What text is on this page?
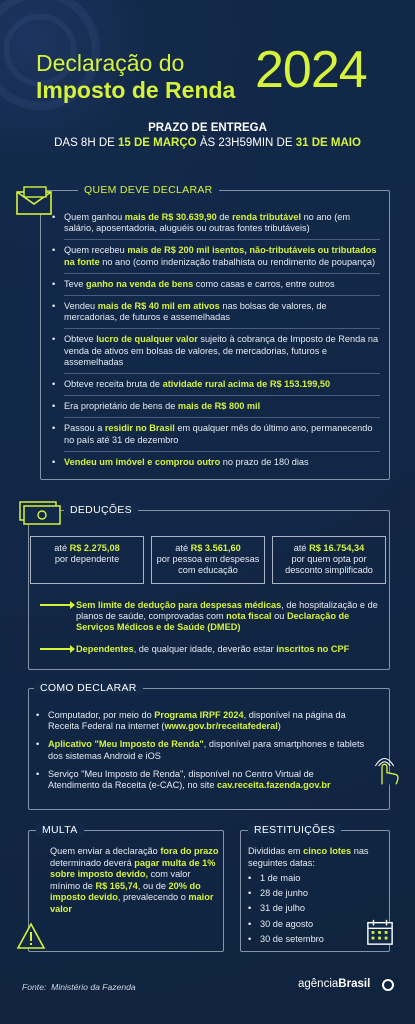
Declaração do
Imposto de Renda 2024
PRAZO DE ENTREGA
DAS 8H DE 15 DE MARÇO ÀS 23H59MIN DE 31 DE MAIO
QUEM DEVE DECLARAR
• Quem ganhou mais de R$ 30.639,90 de renda tributável no ano (em salário, aposentadoria, aluguéis ou outras fontes tributáveis)
• Quem recebeu mais de R$ 200 mil isentos, não-tributáveis ou tributados na fonte no ano (como indenização trabalhista ou rendimento de poupança)
• Teve ganho na venda de bens como casas e carros, entre outros
• Vendeu mais de R$ 40 mil em ativos nas bolsas de valores, de mercadorias, de futuros e assemelhadas
• Obteve lucro de qualquer valor sujeito à cobrança de Imposto de Renda na venda de ativos em bolsas de valores, de mercadorias, futuros e assemelhadas
• Obteve receita bruta de atividade rural acima de R$ 153.199,50
• Era proprietário de bens de mais de R$ 800 mil
• Passou a residir no Brasil em qualquer mês do último ano, permanecendo no país até 31 de dezembro
• Vendeu um imóvel e comprou outro no prazo de 180 dias
DEDUÇÕES
até R$ 2.275,08
por dependente
até R$ 3.561,60
por pessoa em despesas com educação
até R$ 16.754,34
por quem opta por desconto simplificado
Sem limite de dedução para despesas médicas, de hospitalização e de planos de saúde, comprovadas com nota fiscal ou Declaração de Serviços Médicos e de Saúde (DMED)
Dependentes, de qualquer idade, deverão estar inscritos no CPF
COMO DECLARAR
• Computador, por meio do Programa IRPF 2024, disponível na página da Receita Federal na internet (www.gov.br/receitafederal)
• Aplicativo "Meu Imposto de Renda", disponível para smartphones e tablets dos sistemas Android e iOS
• Serviço "Meu Imposto de Renda", disponível no Centro Virtual de Atendimento da Receita (e-CAC), no site cav.receita.fazenda.gov.br
MULTA
Quem enviar a declaração fora do prazo determinado deverá pagar multa de 1% sobre imposto devido, com valor mínimo de R$ 165,74, ou de 20% do imposto devido, prevalecendo o maior valor
RESTITUIÇÕES
Divididas em cinco lotes nas seguintes datas:
• 1 de maio
• 28 de junho
• 31 de julho
• 30 de agosto
• 30 de setembro
Fonte: Ministério da Fazenda	agênciaBrasil
